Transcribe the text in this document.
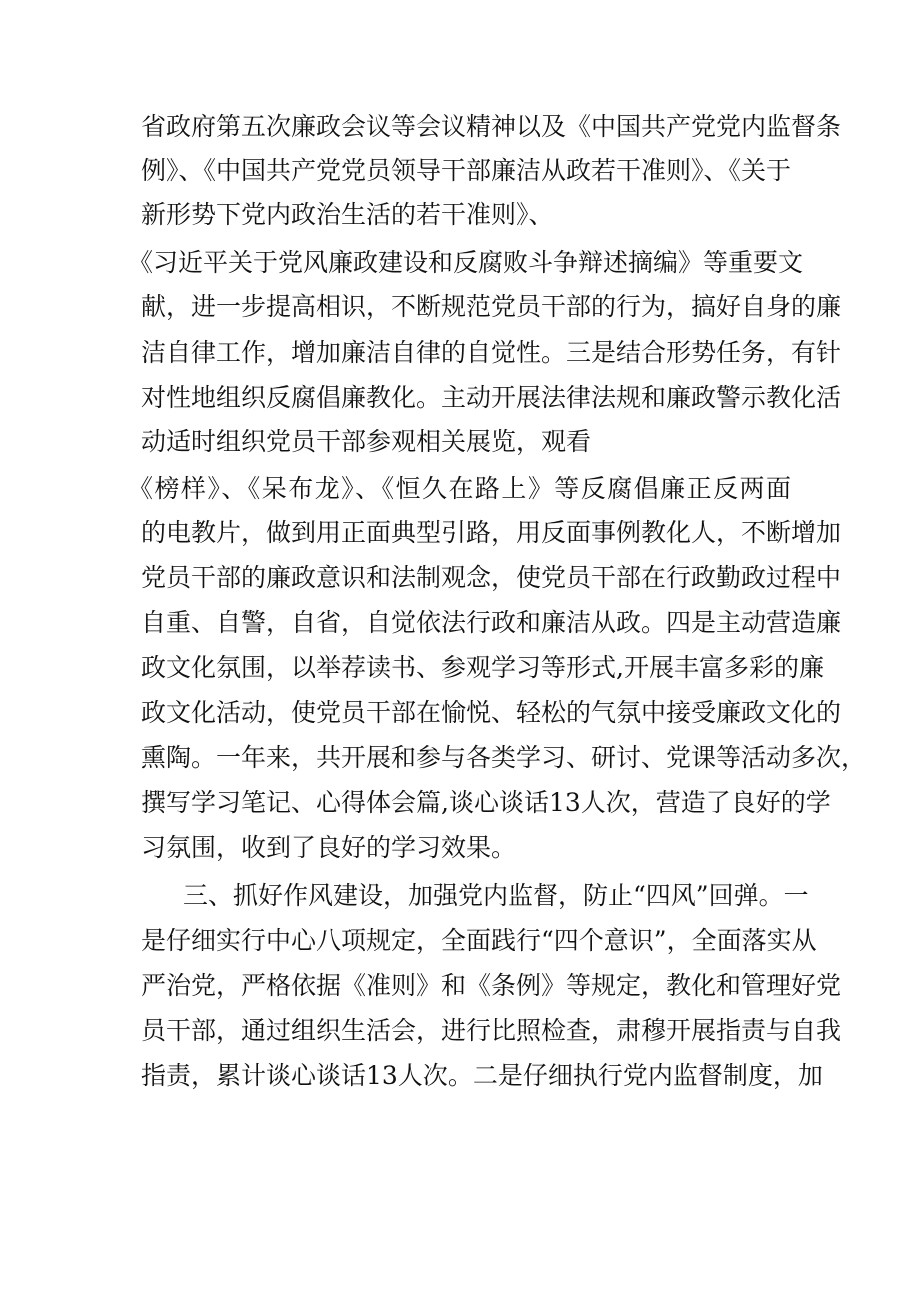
省政府第五次廉政会议等会议精神以及《中国共产党党内监督条
例》、《中国共产党党员领导干部廉洁从政若干准则》、《关于
新形势下党内政治生活的若干准则》、
《习近平关于党风廉政建设和反腐败斗争辩述摘编》等重要文
献，进一步提高相识，不断规范党员干部的行为，搞好自身的廉
洁自律工作，增加廉洁自律的自觉性。三是结合形势任务，有针
对性地组织反腐倡廉教化。主动开展法律法规和廉政警示教化活
动适时组织党员干部参观相关展览，观看
《榜样》、《呆布龙》、《恒久在路上》等反腐倡廉正反两面
的电教片，做到用正面典型引路，用反面事例教化人，不断增加
党员干部的廉政意识和法制观念，使党员干部在行政勤政过程中
自重、自警，自省，自觉依法行政和廉洁从政。四是主动营造廉
政文化氛围，以举荐读书、参观学习等形式,开展丰富多彩的廉
政文化活动，使党员干部在愉悦、轻松的气氛中接受廉政文化的
熏陶。一年来，共开展和参与各类学习、研讨、党课等活动多次，
撰写学习笔记、心得体会篇,谈心谈话13人次，营造了良好的学
习氛围，收到了良好的学习效果。
三、抓好作风建设，加强党内监督，防止“四风”回弹。一
是仔细实行中心八项规定，全面践行“四个意识”，全面落实从
严治党，严格依据《准则》和《条例》等规定，教化和管理好党
员干部，通过组织生活会，进行比照检查，肃穆开展指责与自我
指责，累计谈心谈话13人次。二是仔细执行党内监督制度，加
